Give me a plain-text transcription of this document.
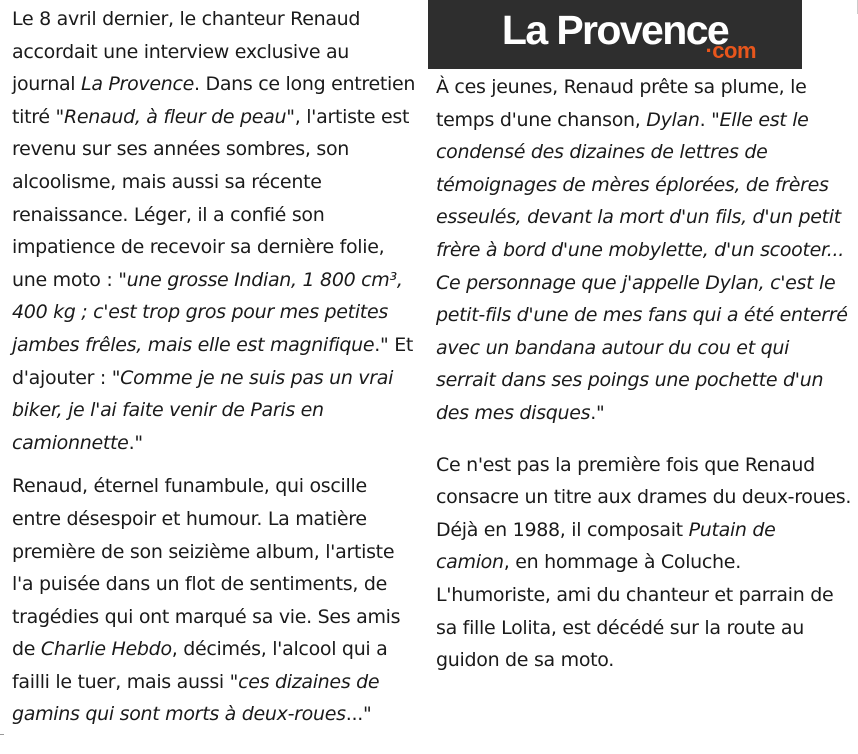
La Provence
·com

Le 8 avril dernier, le chanteur Renaud accordait une interview exclusive au journal La Provence. Dans ce long entretien titré "Renaud, à fleur de peau", l'artiste est revenu sur ses années sombres, son alcoolisme, mais aussi sa récente renaissance. Léger, il a confié son impatience de recevoir sa dernière folie, une moto : "une grosse Indian, 1 800 cm³, 400 kg ; c'est trop gros pour mes petites jambes frêles, mais elle est magnifique." Et d'ajouter : "Comme je ne suis pas un vrai biker, je l'ai faite venir de Paris en camionnette."

Renaud, éternel funambule, qui oscille entre désespoir et humour. La matière première de son seizième album, l'artiste l'a puisée dans un flot de sentiments, de tragédies qui ont marqué sa vie. Ses amis de Charlie Hebdo, décimés, l'alcool qui a failli le tuer, mais aussi "ces dizaines de gamins qui sont morts à deux-roues..."

À ces jeunes, Renaud prête sa plume, le temps d'une chanson, Dylan. "Elle est le condensé des dizaines de lettres de témoignages de mères éplorées, de frères esseulés, devant la mort d'un fils, d'un petit frère à bord d'une mobylette, d'un scooter... Ce personnage que j'appelle Dylan, c'est le petit-fils d'une de mes fans qui a été enterré avec un bandana autour du cou et qui serrait dans ses poings une pochette d'un des mes disques."

Ce n'est pas la première fois que Renaud consacre un titre aux drames du deux-roues. Déjà en 1988, il composait Putain de camion, en hommage à Coluche. L'humoriste, ami du chanteur et parrain de sa fille Lolita, est décédé sur la route au guidon de sa moto.
